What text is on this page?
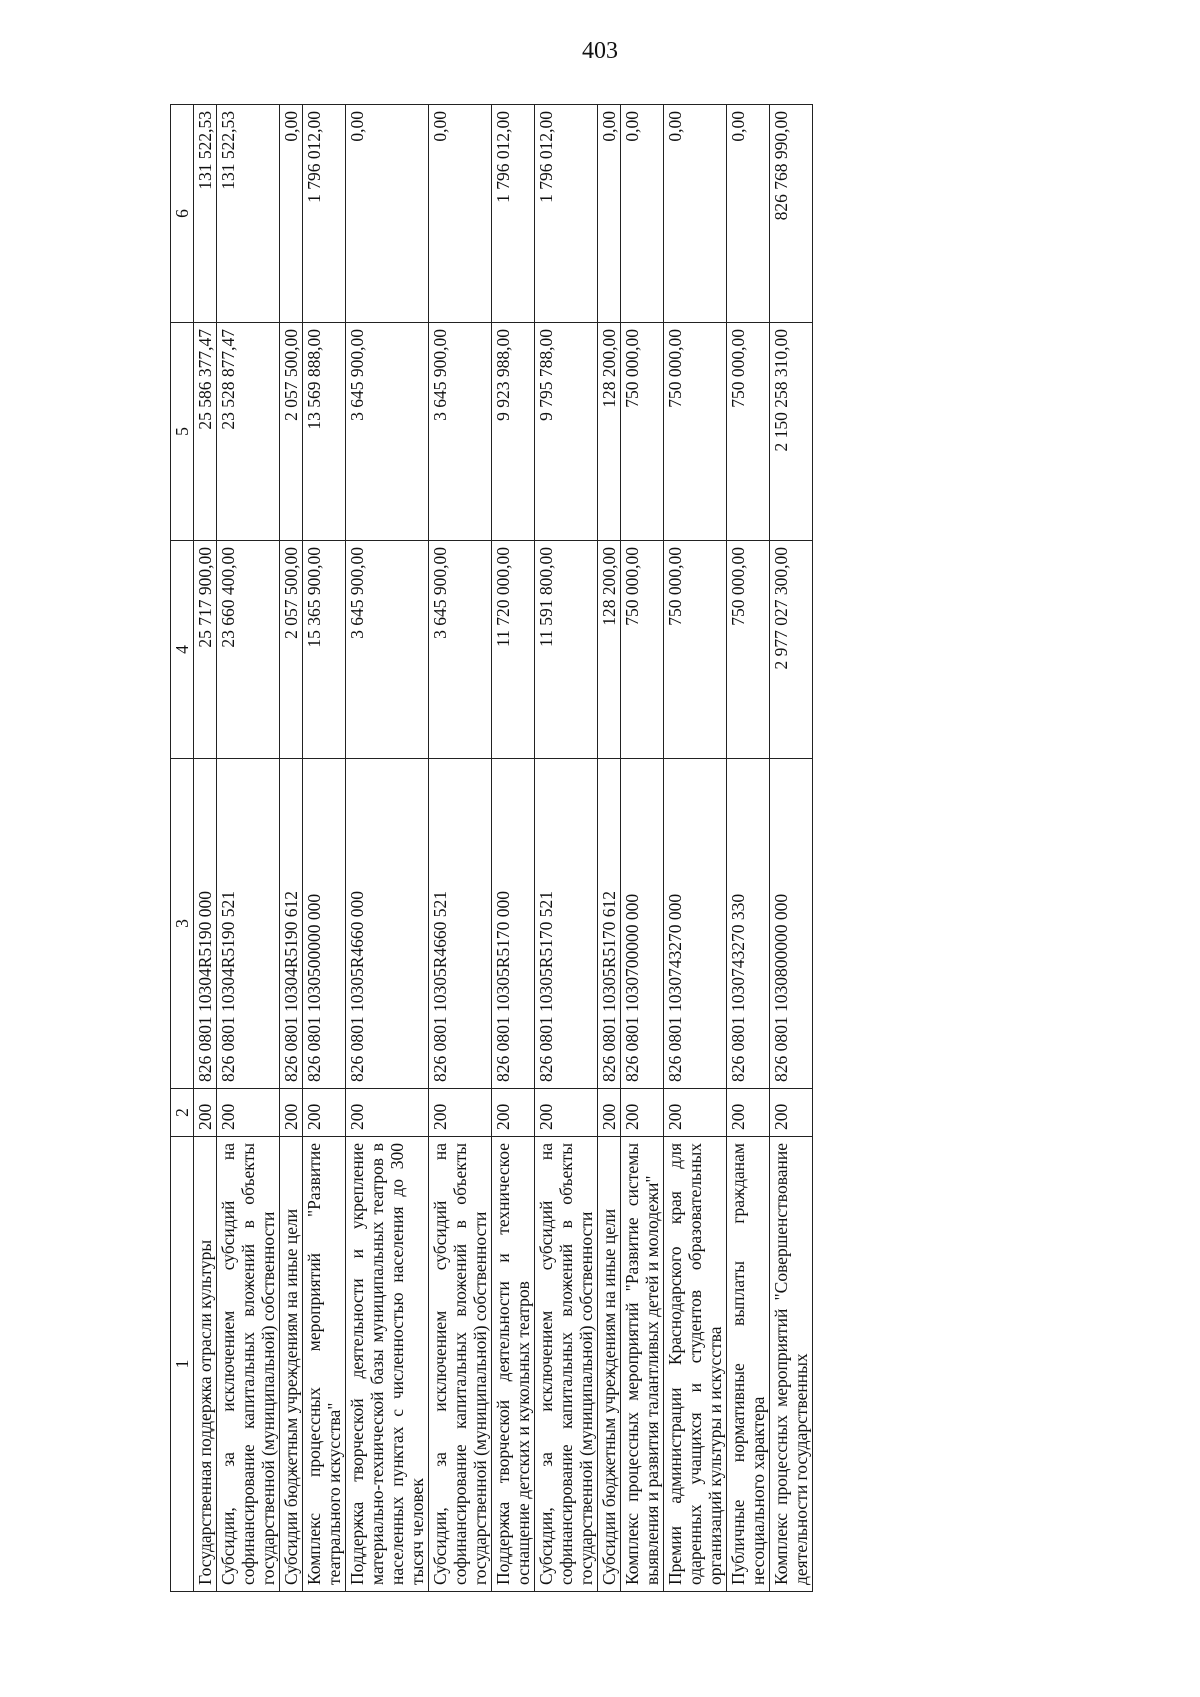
403
1	2	3	4	5	6
Государственная поддержка отрасли культуры	200	826 0801 10304R5190 000	25 717 900,00	25 586 377,47	131 522,53
Субсидии, за исключением субсидий на софинансирование капитальных вложений в объекты государственной (муниципальной) собственности	200	826 0801 10304R5190 521	23 660 400,00	23 528 877,47	131 522,53
Субсидии бюджетным учреждениям на иные цели	200	826 0801 10304R5190 612	2 057 500,00	2 057 500,00	0,00
Комплекс процессных мероприятий "Развитие театрального искусства"	200	826 0801 1030500000 000	15 365 900,00	13 569 888,00	1 796 012,00
Поддержка творческой деятельности и укрепление материально-технической базы муниципальных театров в населенных пунктах с численностью населения до 300 тысяч человек	200	826 0801 10305R4660 000	3 645 900,00	3 645 900,00	0,00
Субсидии, за исключением субсидий на софинансирование капитальных вложений в объекты государственной (муниципальной) собственности	200	826 0801 10305R4660 521	3 645 900,00	3 645 900,00	0,00
Поддержка творческой деятельности и техническое оснащение детских и кукольных театров	200	826 0801 10305R5170 000	11 720 000,00	9 923 988,00	1 796 012,00
Субсидии, за исключением субсидий на софинансирование капитальных вложений в объекты государственной (муниципальной) собственности	200	826 0801 10305R5170 521	11 591 800,00	9 795 788,00	1 796 012,00
Субсидии бюджетным учреждениям на иные цели	200	826 0801 10305R5170 612	128 200,00	128 200,00	0,00
Комплекс процессных мероприятий "Развитие системы выявления и развития талантливых детей и молодежи"	200	826 0801 1030700000 000	750 000,00	750 000,00	0,00
Премии администрации Краснодарского края для одаренных учащихся и студентов образовательных организаций культуры и искусства	200	826 0801 1030743270 000	750 000,00	750 000,00	0,00
Публичные нормативные выплаты гражданам несоциального характера	200	826 0801 1030743270 330	750 000,00	750 000,00	0,00
Комплекс процессных мероприятий "Совершенствование деятельности государственных	200	826 0801 1030800000 000	2 977 027 300,00	2 150 258 310,00	826 768 990,00
